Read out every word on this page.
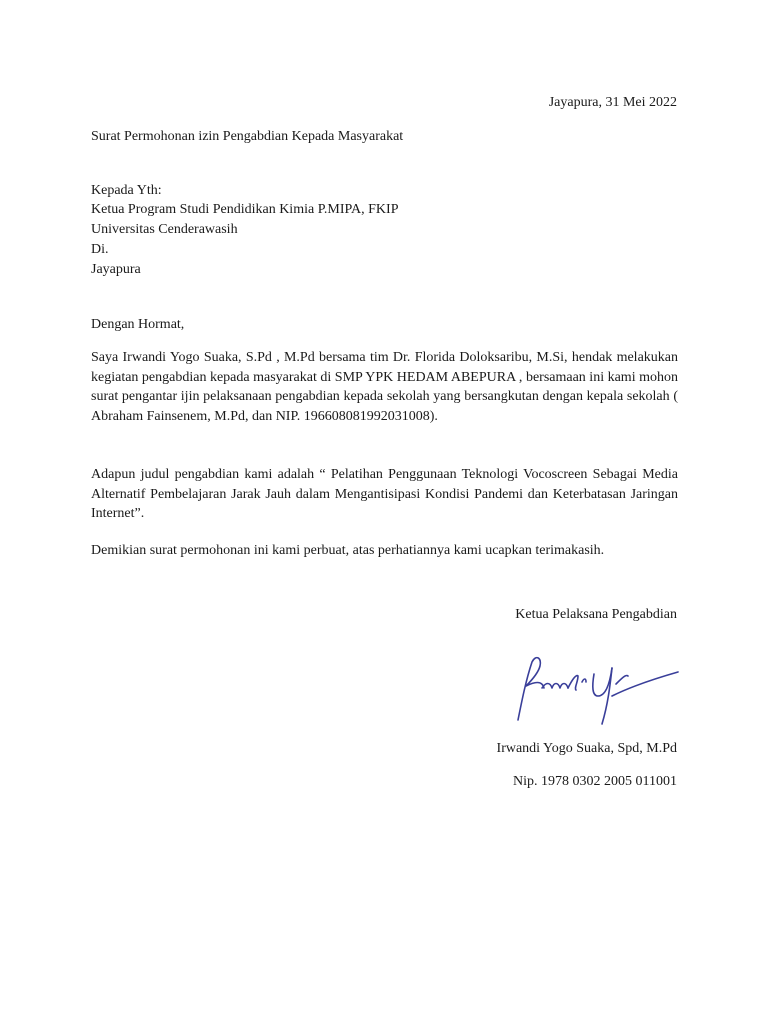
Jayapura, 31 Mei 2022
Surat Permohonan izin Pengabdian Kepada Masyarakat
Kepada Yth:
Ketua Program Studi Pendidikan Kimia P.MIPA, FKIP
Universitas Cenderawasih
Di.
Jayapura
Dengan Hormat,
Saya Irwandi Yogo Suaka, S.Pd , M.Pd bersama tim Dr. Florida Doloksaribu, M.Si, hendak melakukan kegiatan pengabdian kepada masyarakat di SMP YPK HEDAM ABEPURA , bersamaan ini kami mohon surat pengantar ijin pelaksanaan pengabdian kepada sekolah yang bersangkutan dengan kepala sekolah ( Abraham Fainsenem, M.Pd, dan NIP. 196608081992031008).
Adapun judul pengabdian kami adalah “ Pelatihan Penggunaan Teknologi Vocoscreen Sebagai Media Alternatif Pembelajaran Jarak Jauh dalam Mengantisipasi Kondisi Pandemi dan Keterbatasan Jaringan Internet”.
Demikian surat permohonan ini kami perbuat, atas perhatiannya kami ucapkan terimakasih.
Ketua Pelaksana Pengabdian
Irwandi Yogo Suaka, Spd, M.Pd
Nip. 1978 0302 2005 011001
